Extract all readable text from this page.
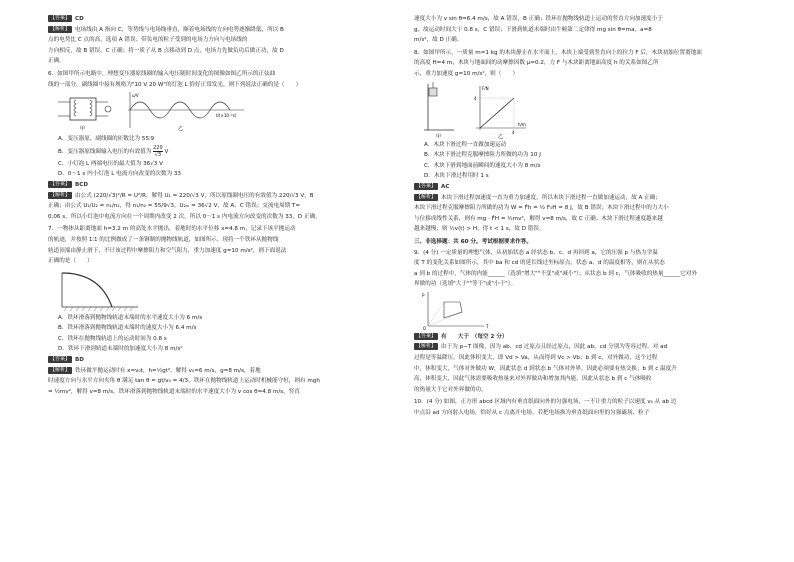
【答案】 CD

【解析】 电场线由 A 指向 C，等势线与电场线垂直，顺着电场线的方向电势逐渐降低，所以 B

点的电势比 C 点的高，选项 A 错误；带负电的粒子受到的电场力方向与电场线的

方向相反，故 B 错误，C 正确；将一质子从 B 点移动到 D 点，电场力先做负功后做正功，故 D

正确。

6．如图甲所示电路中，理想变压器原线圈的输入电压随时间变化的图像如图乙所示的正弦曲

线的一部分，副线圈中接有规格为"10 V 20 W"的灯泡 L 恰好正常发光，则下列说法正确的是（　　）

甲
u/V
t/(×10⁻²s)
乙

A．变压器原、副线圈的匝数比为 55∶9

B．变压器原线圈输入电压的有效值为 $\frac{220}{√3}$ V

C．小灯泡 L 两端电压的最大值为 36√3 V

D．0～1 s 内小灯泡 L 电流方向改变的次数为 33

【答案】 BCD

【解析】 由公式 (220/√3)²/R = U²/R，解得 U₁ = 220/√3 V，所以原线圈电压的有效值为 220/√3 V，B

正确；由公式 U₁/U₂ = n₁/n₂，得 n₁/n₂ = 55/9√3，U₂ₘ = 36√2 V，故 A、C 错误；交流电周期 T=

0.06 s，所以小灯泡中电流方向在一个周期内改变 2 次，所以 0～1 s 内电流方向改变的次数为 33，D 正确。

7．一物体从距离地面 h=3.2 m 的高处水平抛出，着地时的水平位移 x=4.8 m，记录下该平抛运动

的轨迹，并按照 1∶1 的比例做成了一条钢制的抛物线轨道，如图所示。现将一个铁环从抛物线

轨道顶端由静止滑下，不计该过程中摩擦阻力和空气阻力，重力加速度 g=10 m/s²，则下面说法

正确的是（　　）

A．铁环滑落到抛物线轨道末端时的水平速度大小为 6 m/s

B．铁环滑落到抛物线轨道末端时的速度大小为 6.4 m/s

C．铁环在抛物线轨道上的运动时间为 0.8 s

D．铁环下滑到轨道末端时的加速度大小为 8 m/s²

【答案】 BD

【解析】 铁环做平抛运动时有 x=v₀t，h=½gt²，解得 v₀=6 m/s，g=8 m/s，着地

时速度方向与水平方向夹角 θ 满足 tan θ = gt/v₀ = 4/3，铁环在抛物线轨道上运动时机械能守恒，则有 mgh

= ½mv²，解得 v=8 m/s，铁环滑落到抛物线轨道末端时的水平速度大小为 v cos θ=4.8 m/s，竖直

速度大小为 v sin θ=6.4 m/s，故 A 错误，B 正确；铁环在抛物线轨道上运动的竖直方向加速度小于

g，故运动时间大于 0.8 s，C 错误；下滑到轨道末端时由牛顿第二定律得 mg sin θ=ma，a=8

m/s²，故 D 正确。

8．如图甲所示，一质量 m=1 kg 的木块静止在水平面上，木块上端受到竖直向上的拉力 F 后，木块初始位置离地面

的高度 H=4 m，木块与地面间的动摩擦因数 μ=0.2，力 F 与木块距离地面高度 h 的关系如图乙所

示，重力加速度 g=10 m/s²，则（　　）

甲
F/N
h/m
4
4
乙

A．木块下滑过程一直做加速运动

B．木块下滑过程克服摩擦阻力所做的功为 10 J

C．木块下滑到地面前瞬间的速度大小为 8 m/s

D．木块下滑过程用时 1 s

【答案】 AC

【解析】 木块下滑过程加速度一直为重力加速度，所以木块下滑过程一直做加速运动，故 A 正确；

木块下滑过程克服摩擦阻力所做的功为 W = F̄h = ½ F₀H = 8 J，故 B 错误；木块下滑过程中的力大小

与位移成线性关系，则有 mg · F̄H = ½mv²，解得 v=8 m/s，故 C 正确；木块下滑过程速度越来越

越来越慢，则 ½v(t) > H，得 t < 1 s，故 D 错误。

三、非选择题：共 60 分。考试根据要求作答。

9．(4 分) 一定质量的理想气体，从初始状态 a 经状态 b、c、d 再回到 a，它的压强 p 与热力学温

度 T 的变化关系如图所示，其中 ba 和 cd 的延长线过坐标原点，状态 a、d 的温度相等，则在从状态

a 到 b 的过程中，气体的内能______（选填"增大""不变"或"减小"）；从状态 b 到 c，气体吸收的热量______它对外

界做的功（选填"大于""等于"或"小于"）。

p
T
O

【答案】 有　　大于　（每空 2 分）

【解析】 由于为 p−T 图像，因为 ab、cd 过原点且经过原点，因此 ab、cd 分别为等容过程。对 ad

过程是等温降压，因此体积变大，即 Vd > Va，从而得到 Vc > Vb；b 到 c，对外做功，这个过程

中，体积变大，气体对外做功 W，因此状态 d 到状态 b 气体对外界，因此必须要有热交换；b 到 c 温度升

高，体积变大，因此气体需要吸收热量来对外界做功和增加其内能，因此从状态 b 到 c 气体吸收

的热量大于它对外界做的功。

10．(4 分) 如图，正方形 abcd 区域内有垂直纸面向外的匀强电场，一不计重力的粒子以速度 v₀ 从 ab 边

中点沿 ad 方向射入电场，恰好从 c 点离开电场。若把电场换为垂直纸面向里的匀强磁场，粒子
